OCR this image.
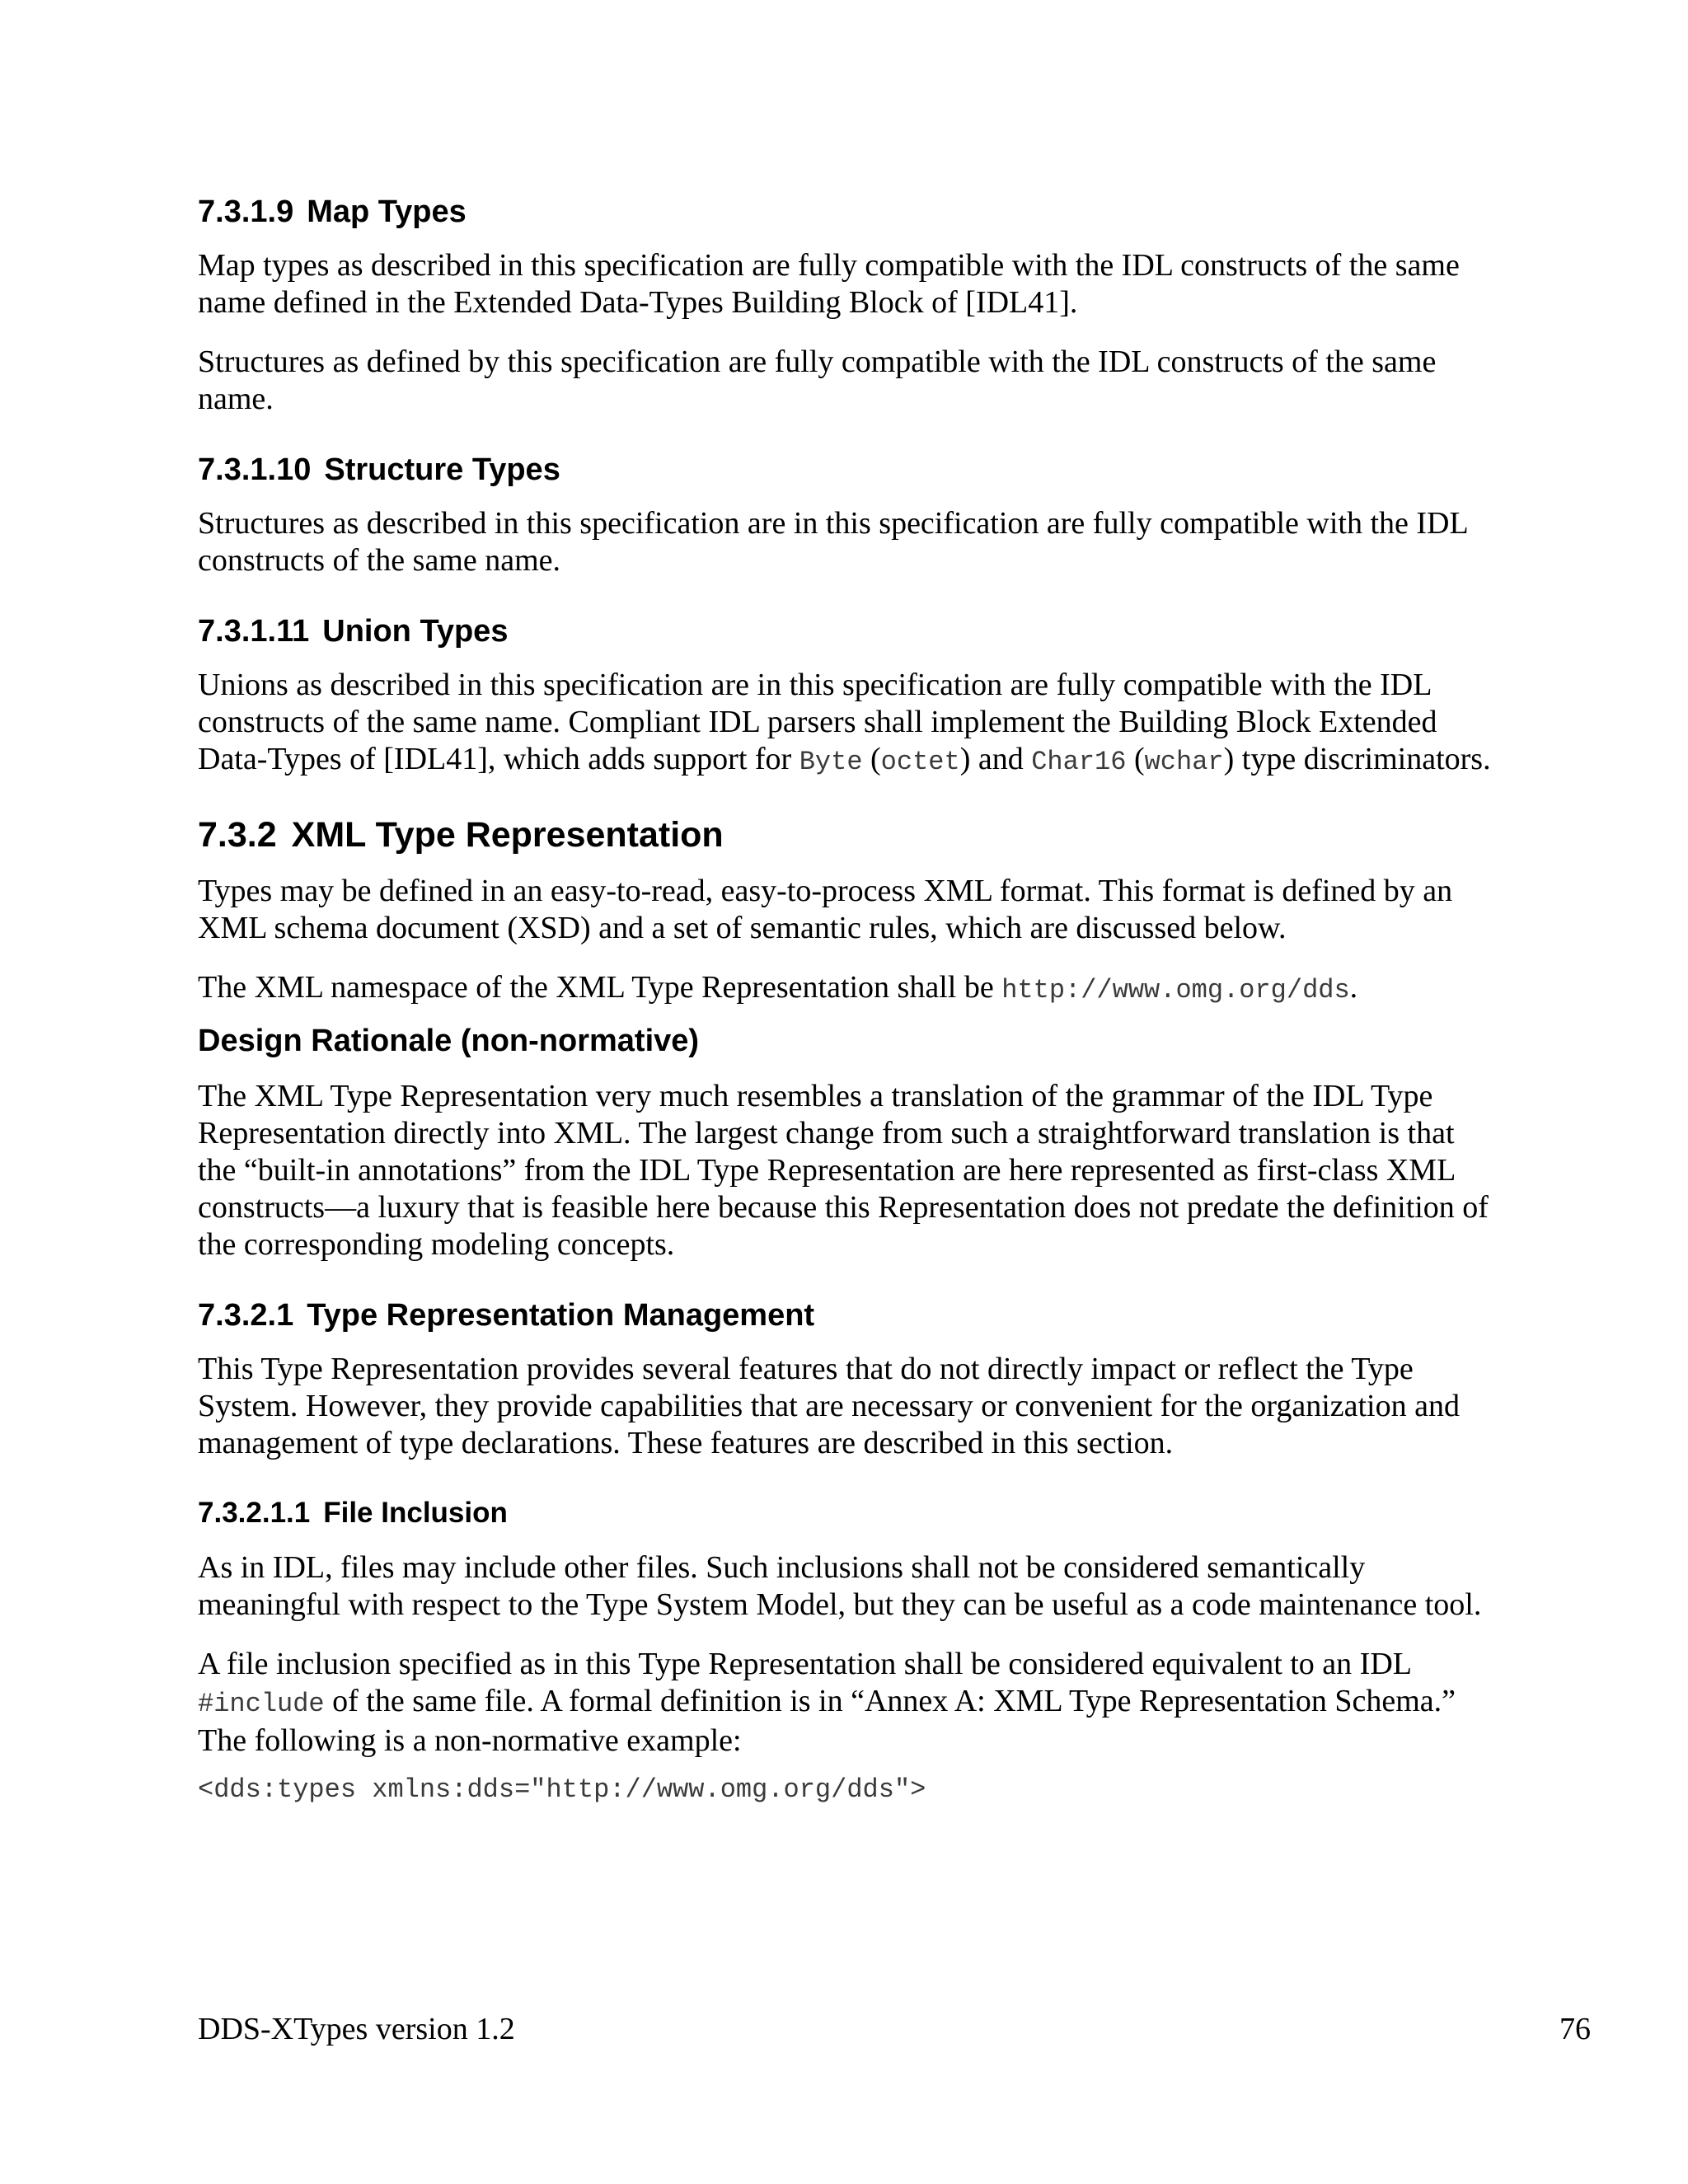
7.3.1.9 Map Types

Map types as described in this specification are fully compatible with the IDL constructs of the same name defined in the Extended Data-Types Building Block of [IDL41].

Structures as defined by this specification are fully compatible with the IDL constructs of the same name.

7.3.1.10 Structure Types

Structures as described in this specification are in this specification are fully compatible with the IDL constructs of the same name.

7.3.1.11 Union Types

Unions as described in this specification are in this specification are fully compatible with the IDL constructs of the same name. Compliant IDL parsers shall implement the Building Block Extended Data-Types of [IDL41], which adds support for Byte (octet) and Char16 (wchar) type discriminators.

7.3.2 XML Type Representation

Types may be defined in an easy-to-read, easy-to-process XML format. This format is defined by an XML schema document (XSD) and a set of semantic rules, which are discussed below.

The XML namespace of the XML Type Representation shall be http://www.omg.org/dds.

Design Rationale (non-normative)

The XML Type Representation very much resembles a translation of the grammar of the IDL Type Representation directly into XML. The largest change from such a straightforward translation is that the “built-in annotations” from the IDL Type Representation are here represented as first-class XML constructs—a luxury that is feasible here because this Representation does not predate the definition of the corresponding modeling concepts.

7.3.2.1 Type Representation Management

This Type Representation provides several features that do not directly impact or reflect the Type System. However, they provide capabilities that are necessary or convenient for the organization and management of type declarations. These features are described in this section.

7.3.2.1.1 File Inclusion

As in IDL, files may include other files. Such inclusions shall not be considered semantically meaningful with respect to the Type System Model, but they can be useful as a code maintenance tool.

A file inclusion specified as in this Type Representation shall be considered equivalent to an IDL #include of the same file. A formal definition is in “Annex A: XML Type Representation Schema.” The following is a non-normative example:

<dds:types xmlns:dds="http://www.omg.org/dds">
DDS-XTypes version 1.2	76
